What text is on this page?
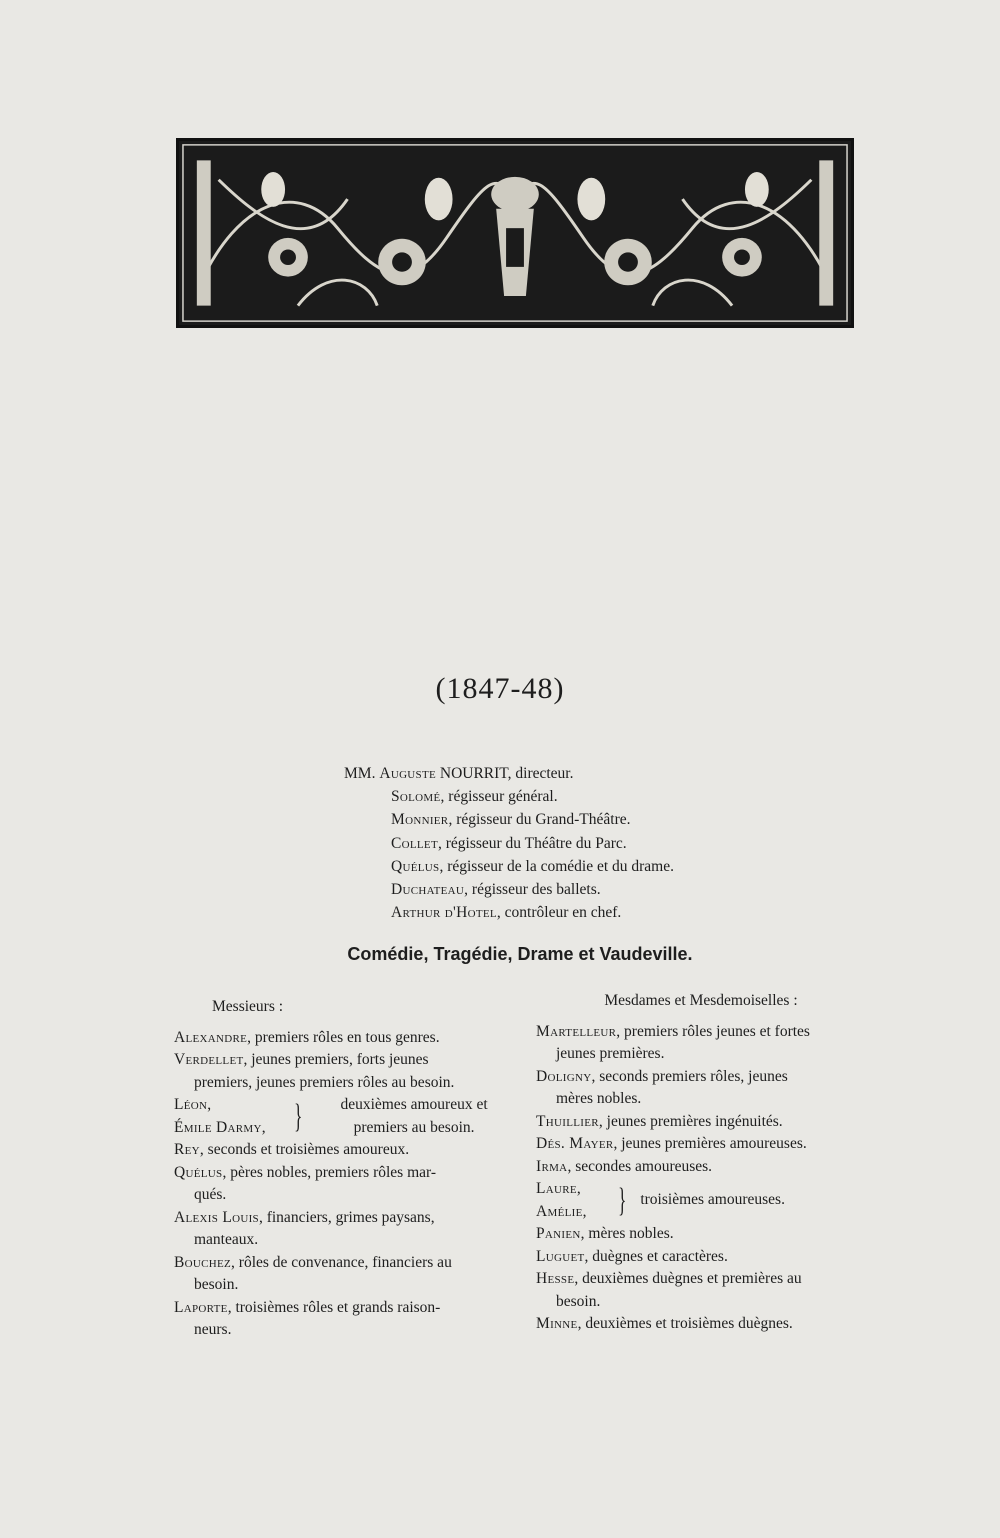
(1847-48)
MM. Auguste NOURRIT, directeur.
Solomé, régisseur général.
Monnier, régisseur du Grand-Théâtre.
Collet, régisseur du Théâtre du Parc.
Quélus, régisseur de la comédie et du drame.
Duchateau, régisseur des ballets.
Arthur d'Hotel, contrôleur en chef.
Comédie, Tragédie, Drame et Vaudeville.
Messieurs :
Alexandre, premiers rôles en tous genres.
Verdellet, jeunes premiers, forts jeunes
premiers, jeunes premiers rôles au besoin.
Léon,
Émile Darmy, }	deuxièmes amoureux et
premiers au besoin.
Rey, seconds et troisièmes amoureux.
Quélus, pères nobles, premiers rôles mar-
qués.
Alexis Louis, financiers, grimes paysans,
manteaux.
Bouchez, rôles de convenance, financiers au
besoin.
Laporte, troisièmes rôles et grands raison-
neurs.
Mesdames et Mesdemoiselles :
Martelleur, premiers rôles jeunes et fortes
jeunes premières.
Doligny, seconds premiers rôles, jeunes
mères nobles.
Thuillier, jeunes premières ingénuités.
Dés. Mayer, jeunes premières amoureuses.
Irma, secondes amoureuses.
Laure,
Amélie, } troisièmes amoureuses.
Panien, mères nobles.
Luguet, duègnes et caractères.
Hesse, deuxièmes duègnes et premières au
besoin.
Minne, deuxièmes et troisièmes duègnes.
